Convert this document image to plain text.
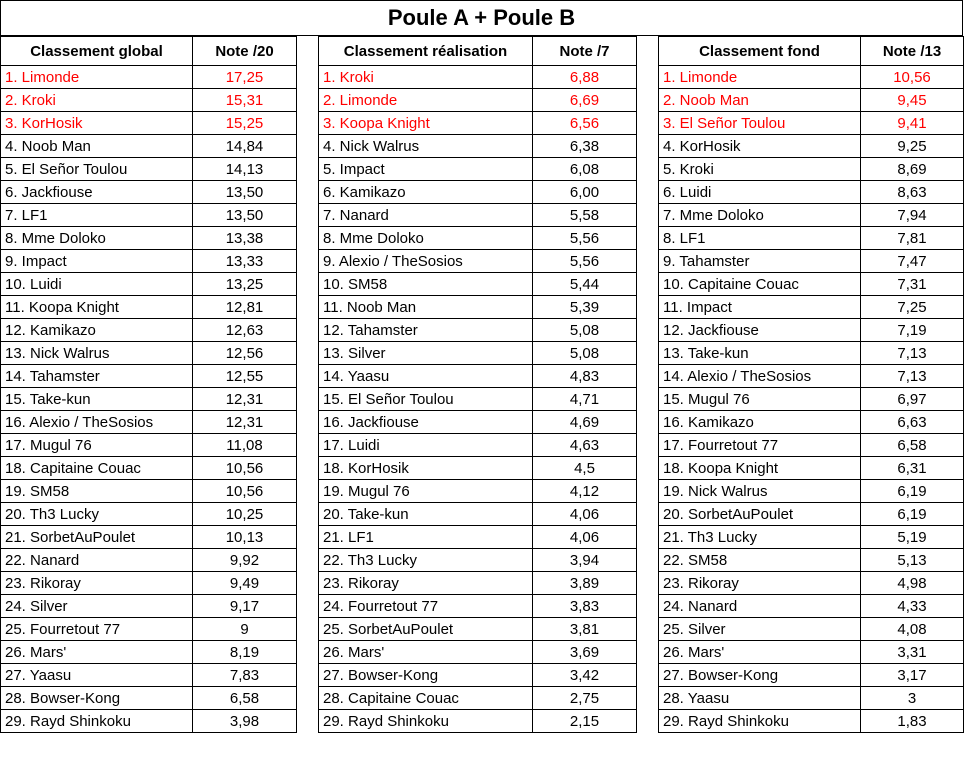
Poule A + Poule B
Classement global	Note /20
1. Limonde	17,25
2. Kroki	15,31
3. KorHosik	15,25
4. Noob Man	14,84
5. El Señor Toulou	14,13
6. Jackfiouse	13,50
7. LF1	13,50
8. Mme Doloko	13,38
9. Impact	13,33
10. Luidi	13,25
11. Koopa Knight	12,81
12. Kamikazo	12,63
13. Nick Walrus	12,56
14. Tahamster	12,55
15. Take-kun	12,31
16. Alexio / TheSosios	12,31
17. Mugul 76	11,08
18. Capitaine Couac	10,56
19. SM58	10,56
20. Th3 Lucky	10,25
21. SorbetAuPoulet	10,13
22. Nanard	9,92
23. Rikoray	9,49
24. Silver	9,17
25. Fourretout 77	9
26. Mars'	8,19
27. Yaasu	7,83
28. Bowser-Kong	6,58
29. Rayd Shinkoku	3,98
Classement réalisation	Note /7
1. Kroki	6,88
2. Limonde	6,69
3. Koopa Knight	6,56
4. Nick Walrus	6,38
5. Impact	6,08
6. Kamikazo	6,00
7. Nanard	5,58
8. Mme Doloko	5,56
9. Alexio / TheSosios	5,56
10. SM58	5,44
11. Noob Man	5,39
12. Tahamster	5,08
13. Silver	5,08
14. Yaasu	4,83
15. El Señor Toulou	4,71
16. Jackfiouse	4,69
17. Luidi	4,63
18. KorHosik	4,5
19. Mugul 76	4,12
20. Take-kun	4,06
21. LF1	4,06
22. Th3 Lucky	3,94
23. Rikoray	3,89
24. Fourretout 77	3,83
25. SorbetAuPoulet	3,81
26. Mars'	3,69
27. Bowser-Kong	3,42
28. Capitaine Couac	2,75
29. Rayd Shinkoku	2,15
Classement fond	Note /13
1. Limonde	10,56
2. Noob Man	9,45
3. El Señor Toulou	9,41
4. KorHosik	9,25
5. Kroki	8,69
6. Luidi	8,63
7. Mme Doloko	7,94
8. LF1	7,81
9. Tahamster	7,47
10. Capitaine Couac	7,31
11. Impact	7,25
12. Jackfiouse	7,19
13. Take-kun	7,13
14. Alexio / TheSosios	7,13
15. Mugul 76	6,97
16. Kamikazo	6,63
17. Fourretout 77	6,58
18. Koopa Knight	6,31
19. Nick Walrus	6,19
20. SorbetAuPoulet	6,19
21. Th3 Lucky	5,19
22. SM58	5,13
23. Rikoray	4,98
24. Nanard	4,33
25. Silver	4,08
26. Mars'	3,31
27. Bowser-Kong	3,17
28. Yaasu	3
29. Rayd Shinkoku	1,83
